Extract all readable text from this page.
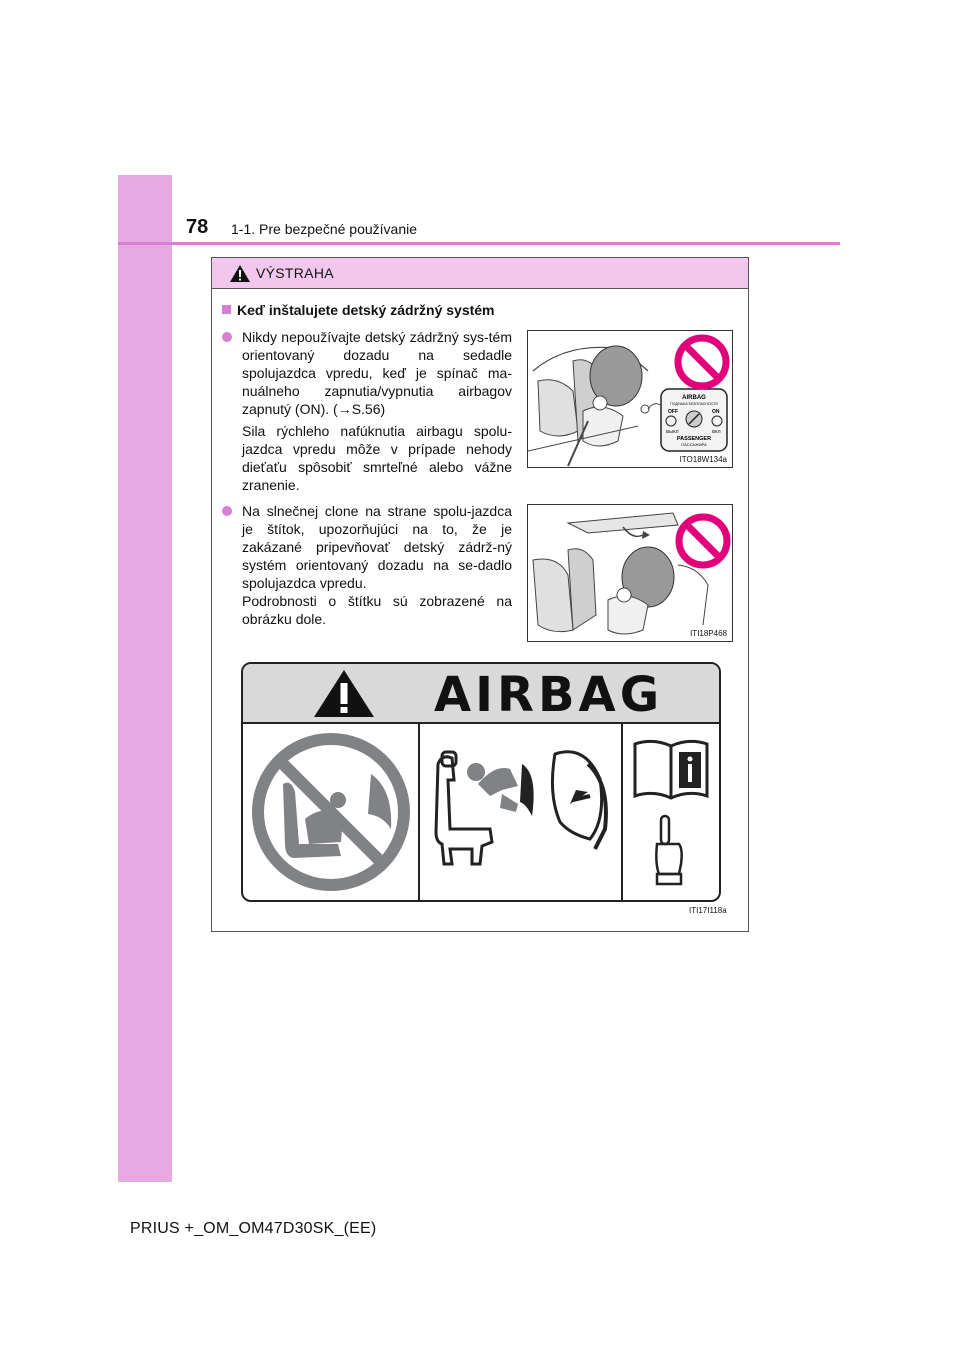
78 1-1. Pre bezpečné používanie
VÝSTRAHA
Keď inštalujete detský zádržný systém

Nikdy nepoužívajte detský zádržný sys-tém orientovaný dozadu na sedadle spolujazdca vpredu, keď je spínač ma-nuálneho zapnutia/vypnutia airbagov zapnutý (ON). (→S.56)

Sila rýchleho nafúknutia airbagu spolu-jazdca vpredu môže v prípade nehody dieťaťu spôsobiť smrteľné alebo vážne zranenie.

AIRBAG
ПОДУШКА БЕЗОПАСНОСТИ
OFF	ON
ВЫКЛ	ВКЛ
PASSENGER
ПАССАЖИРА
ITO18W134a

Na slnečnej clone na strane spolu-jazdca je štítok, upozorňujúci na to, že je zakázané pripevňovať detský zádrž-ný systém orientovaný dozadu na se-dadlo spolujazdca vpredu.

Podrobnosti o štítku sú zobrazené na obrázku dole.

ITI18P468
AIRBAG
ITI17I118a
PRIUS +_OM_OM47D30SK_(EE)
